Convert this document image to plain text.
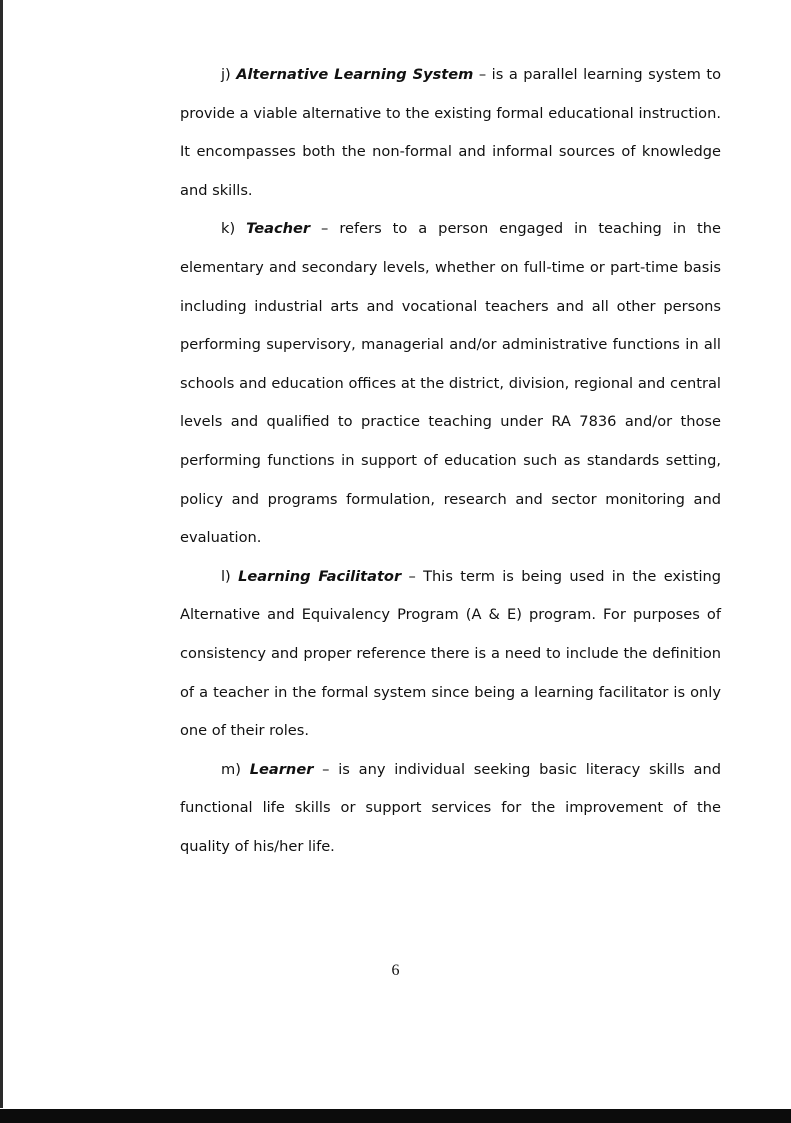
j) Alternative Learning System – is a parallel learning system to provide a viable alternative to the existing formal educational instruction. It encompasses both the non-formal and informal sources of knowledge and skills.

k) Teacher – refers to a person engaged in teaching in the elementary and secondary levels, whether on full-time or part-time basis including industrial arts and vocational teachers and all other persons performing supervisory, managerial and/or administrative functions in all schools and education offices at the district, division, regional and central levels and qualified to practice teaching under RA 7836 and/or those performing functions in support of education such as standards setting, policy and programs formulation, research and sector monitoring and evaluation.

l) Learning Facilitator – This term is being used in the existing Alternative and Equivalency Program (A & E) program. For purposes of consistency and proper reference there is a need to include the definition of a teacher in the formal system since being a learning facilitator is only one of their roles.

m) Learner – is any individual seeking basic literacy skills and functional life skills or support services for the improvement of the quality of his/her life.

6
